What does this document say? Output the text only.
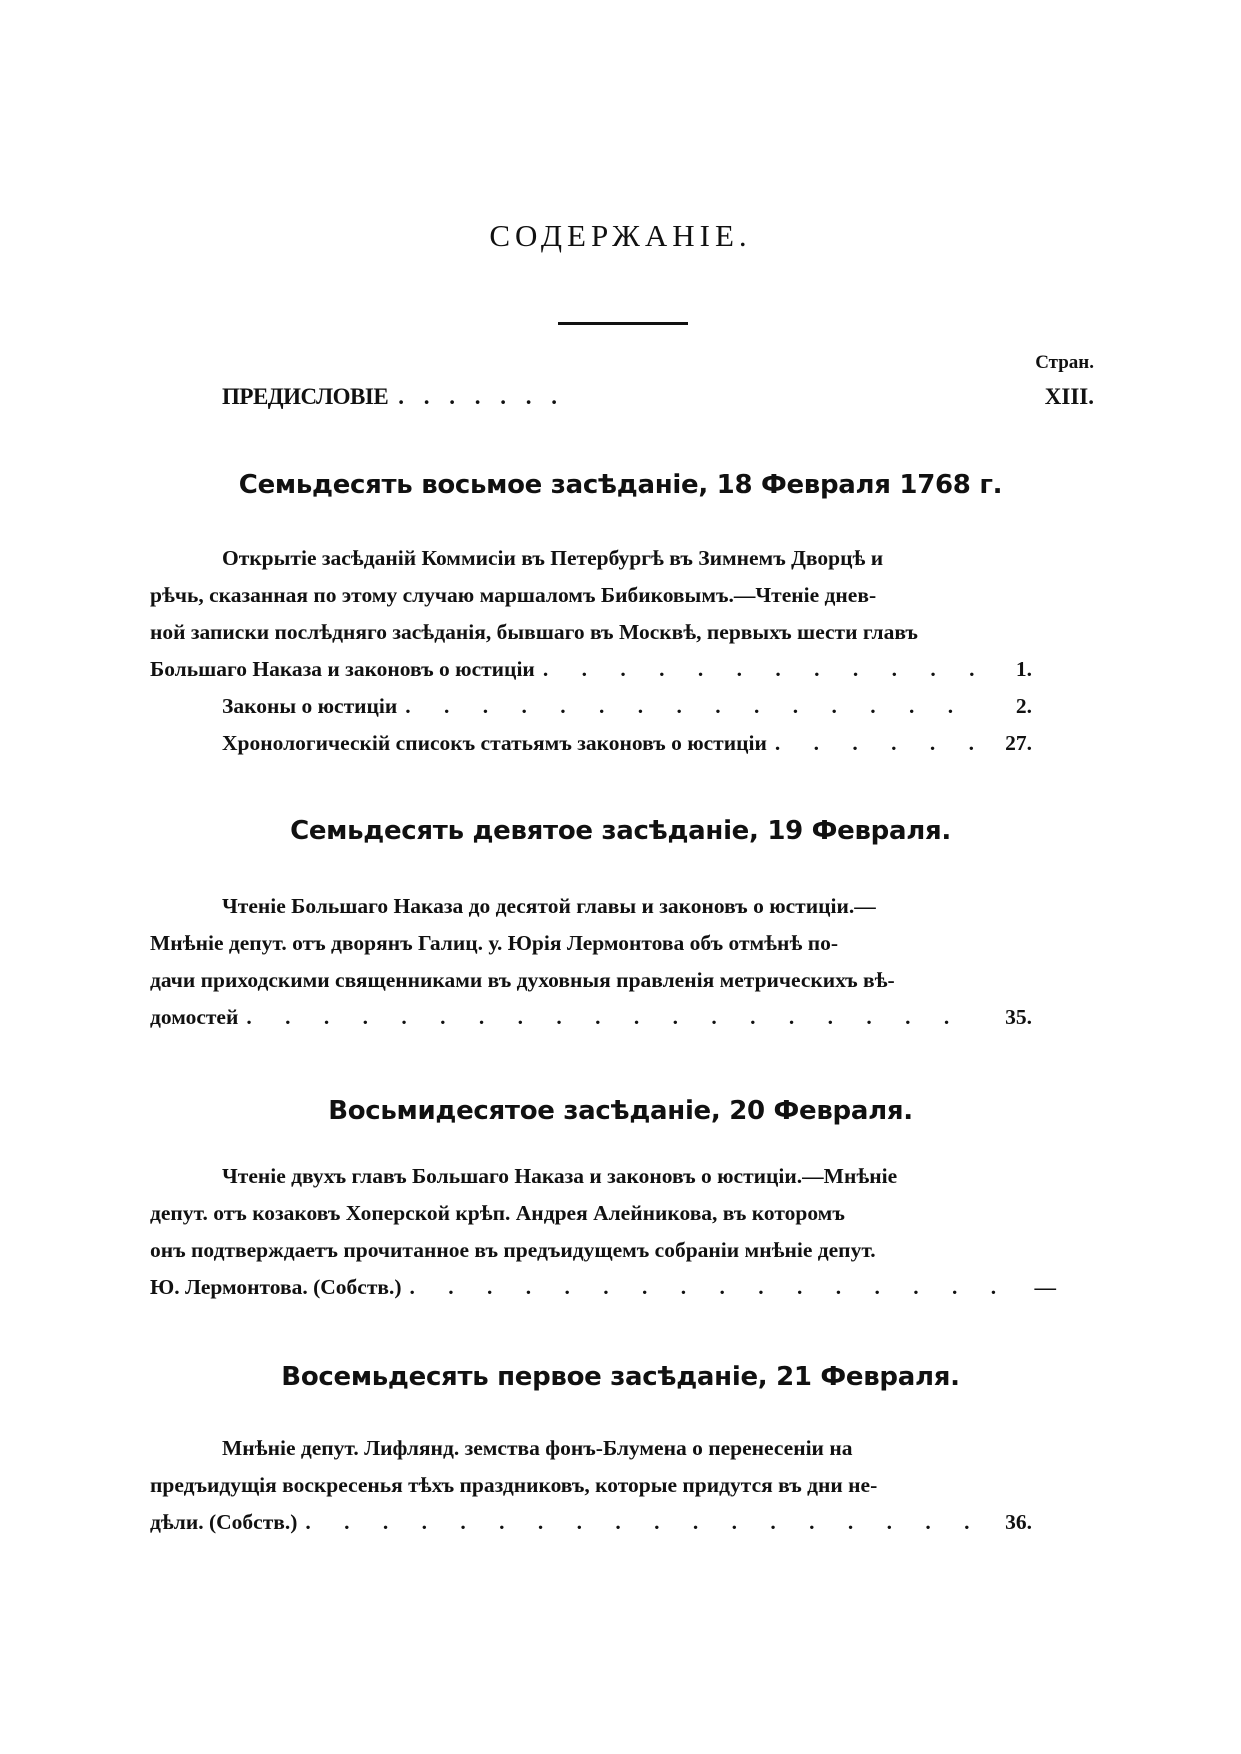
СОДЕРЖАНІЕ.
Стран.
ПРЕДИСЛОВІЕ . . . . . . .	XIII.
Семьдесять восьмое засѣданіе, 18 Февраля 1768 г.

Открытіе засѣданій Коммисіи въ Петербургѣ въ Зимнемъ Дворцѣ и

рѣчь, сказанная по этому случаю маршаломъ Бибиковымъ.—Чтеніе днев-

ной записки послѣдняго засѣданія, бывшаго въ Москвѣ, первыхъ шести главъ

Большаго Наказа и законовъ о юстиціи . . .	1.
Законы о юстиціи . . .	2.
Хронологическій списокъ статьямъ законовъ о юстиціи . . .	27.
Семьдесять девятое засѣданіе, 19 Февраля.

Чтеніе Большаго Наказа до десятой главы и законовъ о юстиціи.—

Мнѣніе депут. отъ дворянъ Галиц. у. Юрія Лермонтова объ отмѣнѣ по-

дачи приходскими священниками въ духовныя правленія метрическихъ вѣ-

домостей . . .	35.
Восьмидесятое засѣданіе, 20 Февраля.

Чтеніе двухъ главъ Большаго Наказа и законовъ о юстиціи.—Мнѣніе

депут. отъ козаковъ Хоперской крѣп. Андрея Алейникова, въ которомъ

онъ подтверждаетъ прочитанное въ предъидущемъ собраніи мнѣніе депут.

Ю. Лермонтова. (Собств.) . . .	—
Восемьдесять первое засѣданіе, 21 Февраля.

Мнѣніе депут. Лифлянд. земства фонъ-Блумена о перенесеніи на

предъидущія воскресенья тѣхъ праздниковъ, которые придутся въ дни не-

дѣли. (Собств.) . . .	36.
